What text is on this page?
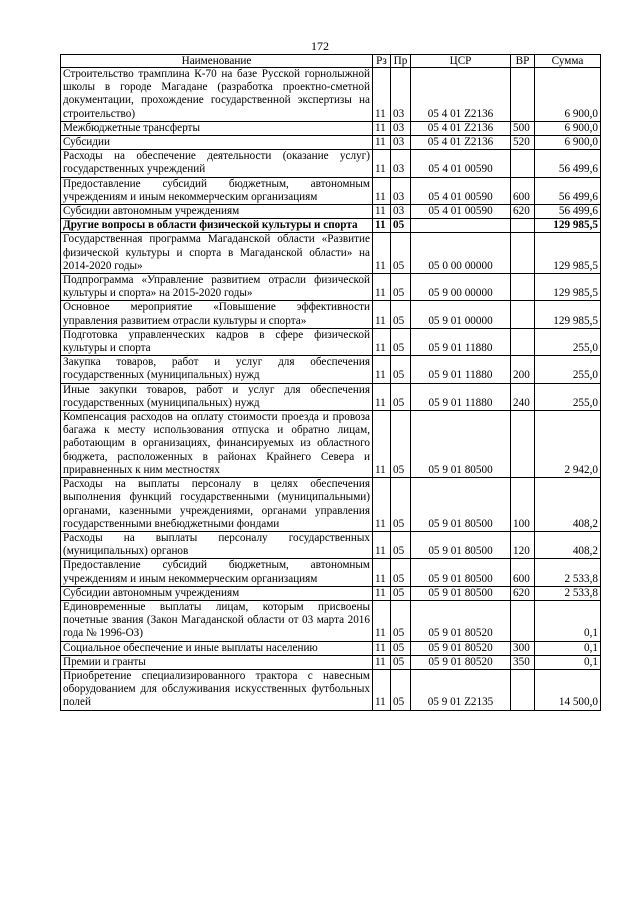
172
Наименование	Рз	Пр	ЦСР	ВР	Сумма
Строительство трамплина К-70 на базе Русской горнолыжной школы в городе Магадане (разработка проектно-сметной документации, прохождение государственной экспертизы на строительство)	11	03	05 4 01 Z2136		6 900,0
Межбюджетные трансферты	11	03	05 4 01 Z2136	500	6 900,0
Субсидии	11	03	05 4 01 Z2136	520	6 900,0
Расходы на обеспечение деятельности (оказание услуг) государственных учреждений	11	03	05 4 01 00590		56 499,6
Предоставление субсидий бюджетным, автономным учреждениям и иным некоммерческим организациям	11	03	05 4 01 00590	600	56 499,6
Субсидии автономным учреждениям	11	03	05 4 01 00590	620	56 499,6
Другие вопросы в области физической культуры и спорта	11	05			129 985,5
Государственная программа Магаданской области «Развитие физической культуры и спорта в Магаданской области» на 2014-2020 годы»	11	05	05 0 00 00000		129 985,5
Подпрограмма «Управление развитием отрасли физической культуры и спорта» на 2015-2020 годы»	11	05	05 9 00 00000		129 985,5
Основное мероприятие «Повышение эффективности управления развитием отрасли культуры и спорта»	11	05	05 9 01 00000		129 985,5
Подготовка управленческих кадров в сфере физической культуры и спорта	11	05	05 9 01 11880		255,0
Закупка товаров, работ и услуг для обеспечения государственных (муниципальных) нужд	11	05	05 9 01 11880	200	255,0
Иные закупки товаров, работ и услуг для обеспечения государственных (муниципальных) нужд	11	05	05 9 01 11880	240	255,0
Компенсация расходов на оплату стоимости проезда и провоза багажа к месту использования отпуска и обратно лицам, работающим в организациях, финансируемых из областного бюджета, расположенных в районах Крайнего Севера и приравненных к ним местностях	11	05	05 9 01 80500		2 942,0
Расходы на выплаты персоналу в целях обеспечения выполнения функций государственными (муниципальными) органами, казенными учреждениями, органами управления государственными внебюджетными фондами	11	05	05 9 01 80500	100	408,2
Расходы на выплаты персоналу государственных (муниципальных) органов	11	05	05 9 01 80500	120	408,2
Предоставление субсидий бюджетным, автономным учреждениям и иным некоммерческим организациям	11	05	05 9 01 80500	600	2 533,8
Субсидии автономным учреждениям	11	05	05 9 01 80500	620	2 533,8
Единовременные выплаты лицам, которым присвоены почетные звания (Закон Магаданской области от 03 марта 2016 года № 1996-ОЗ)	11	05	05 9 01 80520		0,1
Социальное обеспечение и иные выплаты населению	11	05	05 9 01 80520	300	0,1
Премии и гранты	11	05	05 9 01 80520	350	0,1
Приобретение специализированного трактора с навесным оборудованием для обслуживания искусственных футбольных полей	11	05	05 9 01 Z2135		14 500,0
